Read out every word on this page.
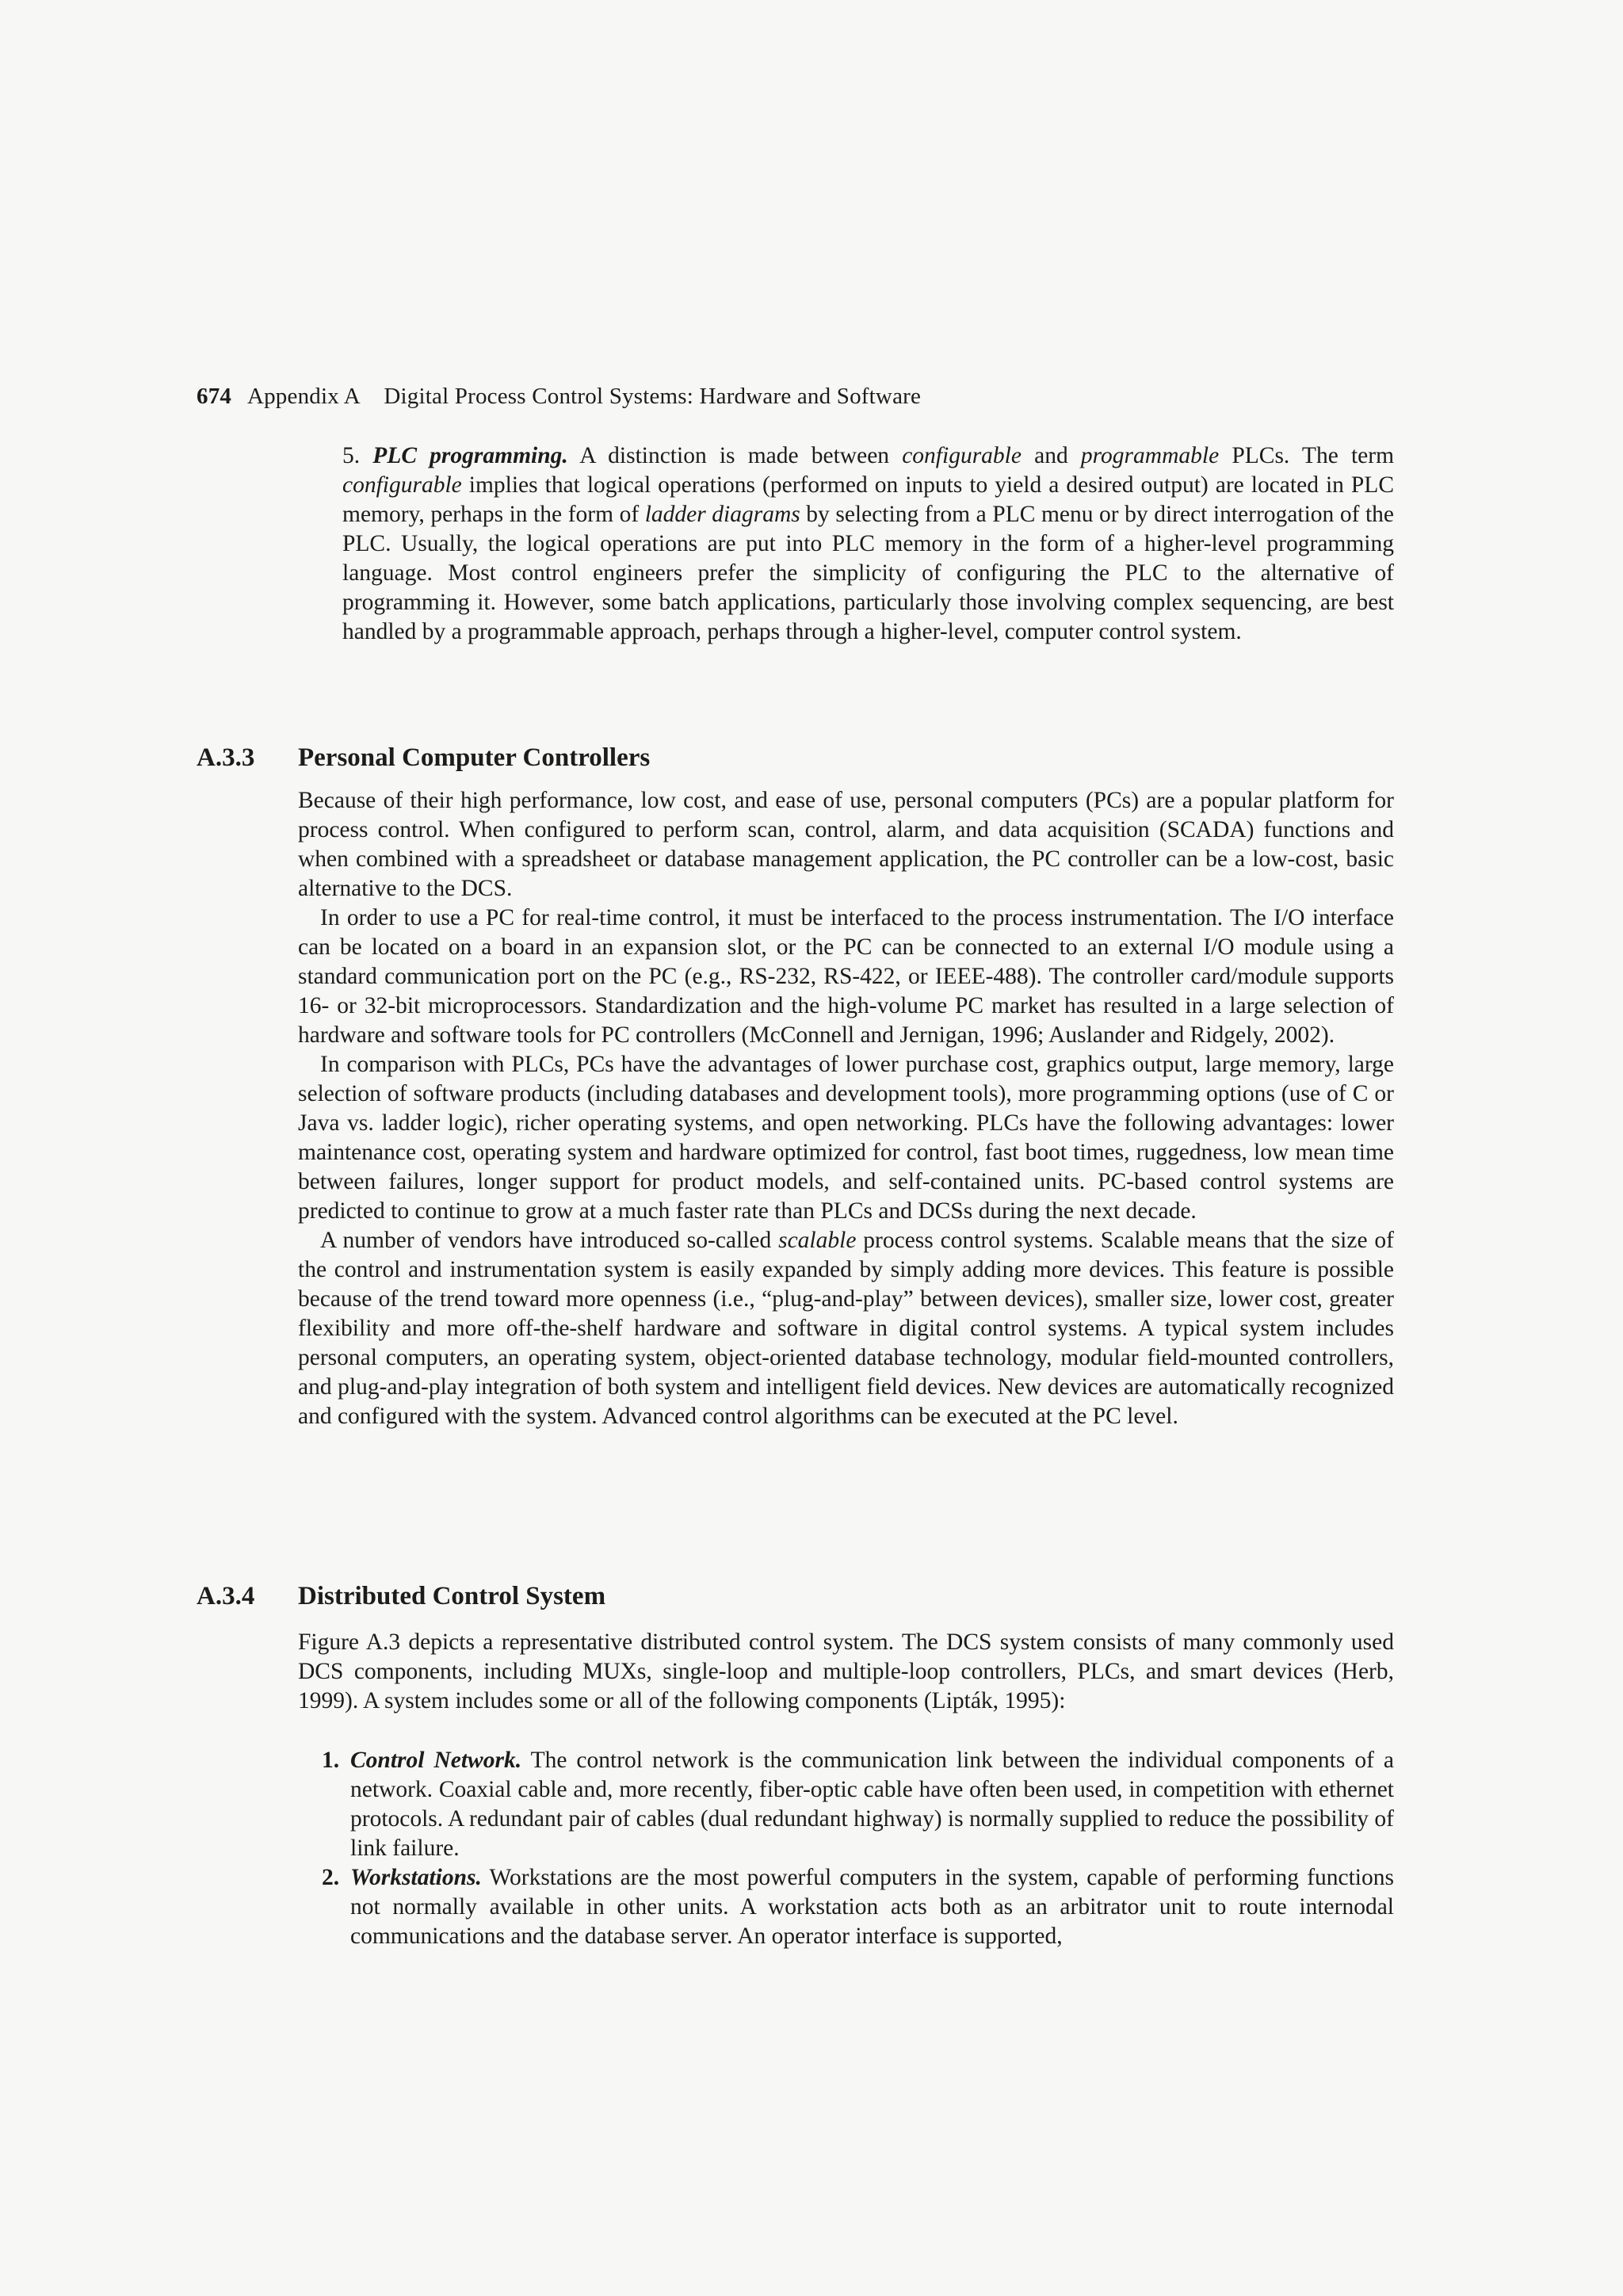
674 Appendix A Digital Process Control Systems: Hardware and Software
5. PLC programming. A distinction is made between configurable and programmable PLCs. The term configurable implies that logical operations (performed on inputs to yield a desired output) are located in PLC memory, perhaps in the form of ladder diagrams by selecting from a PLC menu or by direct interrogation of the PLC. Usually, the logical operations are put into PLC memory in the form of a higher-level programming language. Most control engineers prefer the simplicity of configuring the PLC to the alternative of programming it. However, some batch applications, particularly those involving complex sequencing, are best handled by a programmable approach, perhaps through a higher-level, computer control system.
A.3.3 Personal Computer Controllers

Because of their high performance, low cost, and ease of use, personal computers (PCs) are a popular platform for process control. When configured to perform scan, control, alarm, and data acquisition (SCADA) functions and when combined with a spreadsheet or database management application, the PC controller can be a low-cost, basic alternative to the DCS.

In order to use a PC for real-time control, it must be interfaced to the process instrumentation. The I/O interface can be located on a board in an expansion slot, or the PC can be connected to an external I/O module using a standard communication port on the PC (e.g., RS-232, RS-422, or IEEE-488). The controller card/module supports 16- or 32-bit microprocessors. Standardization and the high-volume PC market has resulted in a large selection of hardware and software tools for PC controllers (McConnell and Jernigan, 1996; Auslander and Ridgely, 2002).

In comparison with PLCs, PCs have the advantages of lower purchase cost, graphics output, large memory, large selection of software products (including databases and development tools), more programming options (use of C or Java vs. ladder logic), richer operating systems, and open networking. PLCs have the following advantages: lower maintenance cost, operating system and hardware optimized for control, fast boot times, ruggedness, low mean time between failures, longer support for product models, and self-contained units. PC-based control systems are predicted to continue to grow at a much faster rate than PLCs and DCSs during the next decade.

A number of vendors have introduced so-called scalable process control systems. Scalable means that the size of the control and instrumentation system is easily expanded by simply adding more devices. This feature is possible because of the trend toward more openness (i.e., “plug-and-play” between devices), smaller size, lower cost, greater flexibility and more off-the-shelf hardware and software in digital control systems. A typical system includes personal computers, an operating system, object-oriented database technology, modular field-mounted controllers, and plug-and-play integration of both system and intelligent field devices. New devices are automatically recognized and configured with the system. Advanced control algorithms can be executed at the PC level.

A.3.4 Distributed Control System

Figure A.3 depicts a representative distributed control system. The DCS system consists of many commonly used DCS components, including MUXs, single-loop and multiple-loop controllers, PLCs, and smart devices (Herb, 1999). A system includes some or all of the following components (Lipták, 1995):

1. Control Network. The control network is the communication link between the individual components of a network. Coaxial cable and, more recently, fiber-optic cable have often been used, in competition with ethernet protocols. A redundant pair of cables (dual redundant highway) is normally supplied to reduce the possibility of link failure.
2. Workstations. Workstations are the most powerful computers in the system, capable of performing functions not normally available in other units. A workstation acts both as an arbitrator unit to route internodal communications and the database server. An operator interface is supported,
